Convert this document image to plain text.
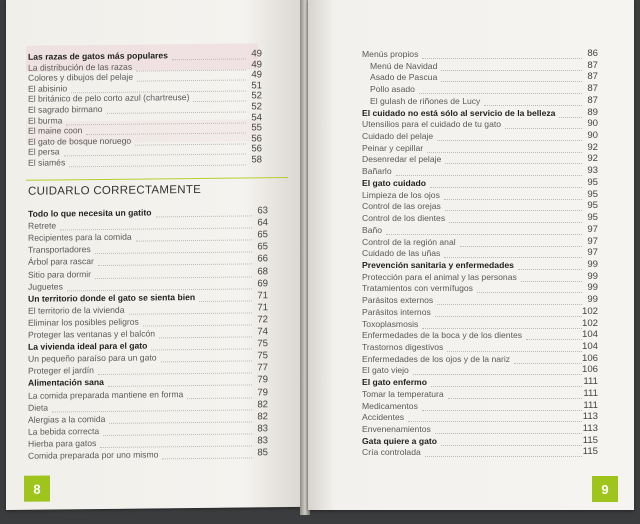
CUIDARLO CORRECTAMENTE
8
Las razas de gatos más populares	49
La distribución de las razas	49
Colores y dibujos del pelaje	49
El abisinio	51
El británico de pelo corto azul (chartreuse)	52
El sagrado birmano	52
El burma	54
El maine coon	55
El gato de bosque noruego	56
El persa	56
El siamés	58
Todo lo que necesita un gatito	63
Retrete	64
Recipientes para la comida	65
Transportadores	65
Árbol para rascar	66
Sitio para dormir	68
Juguetes	69
Un territorio donde el gato se sienta bien	71
El territorio de la vivienda	71
Eliminar los posibles peligros	72
Proteger las ventanas y el balcón	74
La vivienda ideal para el gato	75
Un pequeño paraíso para un gato	75
Proteger el jardín	77
Alimentación sana	79
La comida preparada mantiene en forma	79
Dieta	82
Alergias a la comida	82
La bebida correcta	83
Hierba para gatos	83
Comida preparada por uno mismo	85
9
Menús propios	86
Menú de Navidad	87
Asado de Pascua	87
Pollo asado	87
El gulash de riñones de Lucy	87
El cuidado no está sólo al servicio de la belleza	89
Utensilios para el cuidado de tu gato	90
Cuidado del pelaje	90
Peinar y cepillar	92
Desenredar el pelaje	92
Bañarlo	93
El gato cuidado	95
Limpieza de los ojos	95
Control de las orejas	95
Control de los dientes	95
Baño	97
Control de la región anal	97
Cuidado de las uñas	97
Prevención sanitaria y enfermedades	99
Protección para el animal y las personas	99
Tratamientos con vermífugos	99
Parásitos externos	99
Parásitos internos	102
Toxoplasmosis	102
Enfermedades de la boca y de los dientes	104
Trastornos digestivos	104
Enfermedades de los ojos y de la nariz	106
El gato viejo	106
El gato enfermo	111
Tomar la temperatura	111
Medicamentos	111
Accidentes	113
Envenenamientos	113
Gata quiere a gato	115
Cría controlada	115
